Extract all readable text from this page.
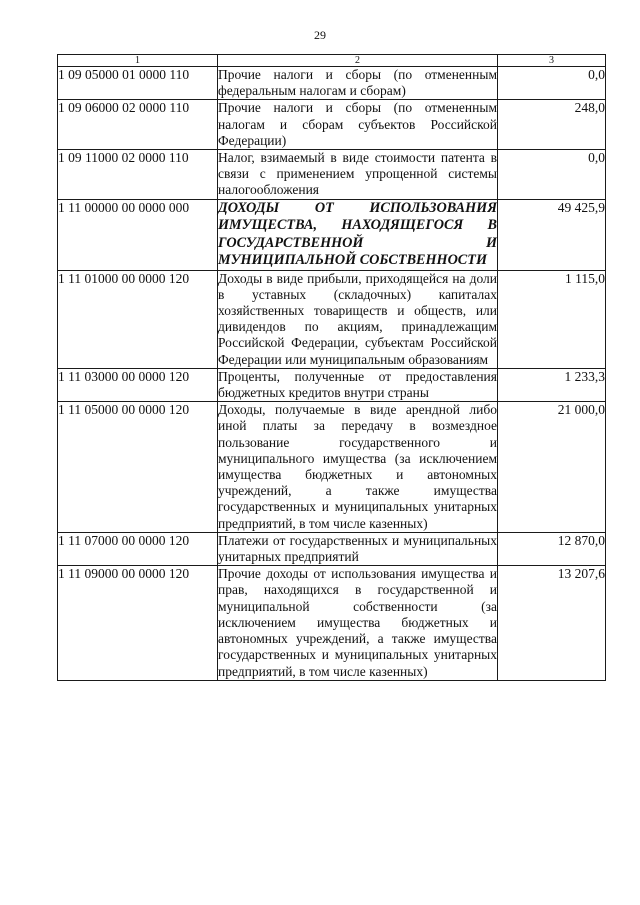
29
1	2	3
1 09 05000 01 0000 110	Прочие налоги и сборы (по отмененным федеральным налогам и сборам)	0,0
1 09 06000 02 0000 110	Прочие налоги и сборы (по отмененным налогам и сборам субъектов Российской Федерации)	248,0
1 09 11000 02 0000 110	Налог, взимаемый в виде стоимости патента в связи с применением упрощенной системы налогообложения	0,0
1 11 00000 00 0000 000	ДОХОДЫ ОТ ИСПОЛЬЗОВАНИЯ ИМУЩЕСТВА, НАХОДЯЩЕГОСЯ В ГОСУДАРСТВЕННОЙ И МУНИЦИПАЛЬНОЙ СОБСТВЕННОСТИ	49 425,9
1 11 01000 00 0000 120	Доходы в виде прибыли, приходящейся на доли в уставных (складочных) капиталах хозяйственных товариществ и обществ, или дивидендов по акциям, принадлежащим Российской Федерации, субъектам Российской Федерации или муниципальным образованиям	1 115,0
1 11 03000 00 0000 120	Проценты, полученные от предоставления бюджетных кредитов внутри страны	1 233,3
1 11 05000 00 0000 120	Доходы, получаемые в виде арендной либо иной платы за передачу в возмездное пользование государственного и муниципального имущества (за исключением имущества бюджетных и автономных учреждений, а также имущества государственных и муниципальных унитарных предприятий, в том числе казенных)	21 000,0
1 11 07000 00 0000 120	Платежи от государственных и муниципальных унитарных предприятий	12 870,0
1 11 09000 00 0000 120	Прочие доходы от использования имущества и прав, находящихся в государственной и муниципальной собственности (за исключением имущества бюджетных и автономных учреждений, а также имущества государственных и муниципальных унитарных предприятий, в том числе казенных)	13 207,6
